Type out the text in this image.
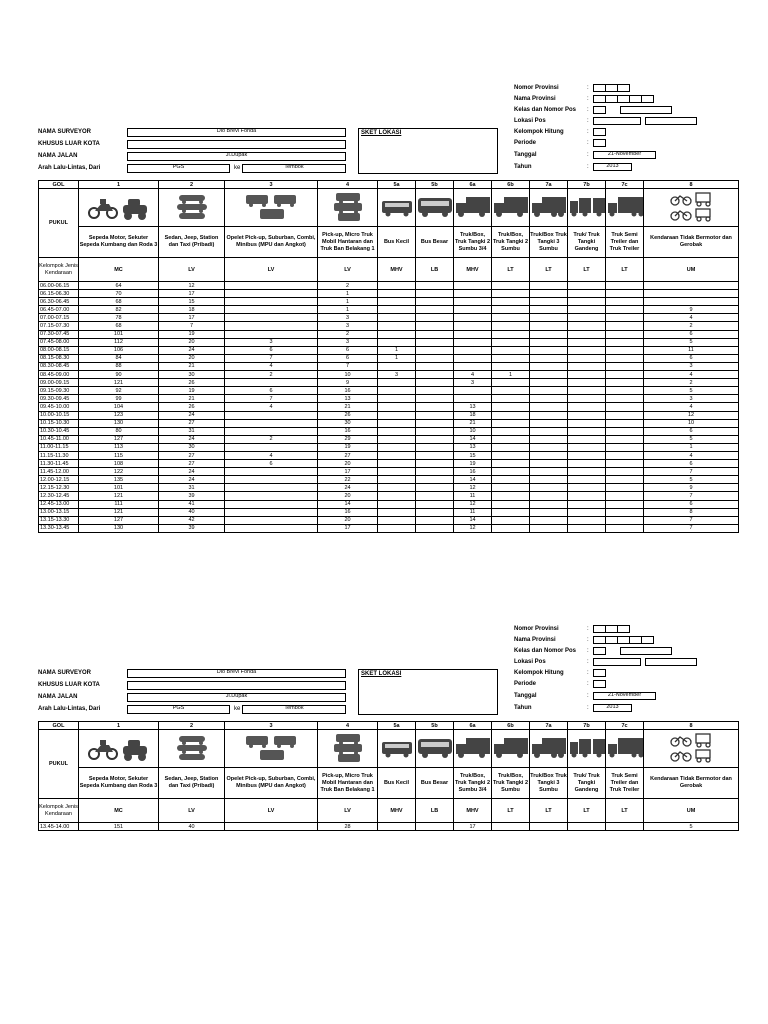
Nomor Provinsi	:
Nama Provinsi	:
Kelas dan Nomor Pos :
Lokasi Pos	:
Kelompok Hitung	:
Periode	:
Tanggal	:	21-November
Tahun	:	2013
NAMA SURVEYOR	Dio Brevi Fonda
KHUSUS LUAR KOTA
NAMA JALAN	Jl.Dupak
Arah Lalu-Lintas, Dari	PGS	ke	Tembok
SKET LOKASI
GOL	1	2	3	4	5a	5b	6a	6b	7a	7b	7c	8
PUKUL												
	Sepeda Motor, Sekuter Sepeda Kumbang dan Roda 3	Sedan, Jeep, Station dan Taxi (Pribadi)	Opelet Pick-up, Suburban, Combi, Minibus (MPU dan Angkot)	Pick-up, Micro Truk Mobil Hantaran dan Truk Ban Belakang 1	Bus Kecil	Bus Besar	Truk/Box, Truk Tangki 2 Sumbu 3/4	Truk/Box, Truk Tangki 2 Sumbu	Truk/Box Truk Tangki 3 Sumbu	Truk/ Truk Tangki Gandeng	Truk Semi Treiler dan Truk Treiler	Kendaraan Tidak Bermotor dan Gerobak
Kelompok Jenis Kendaraan	MC	LV	LV	LV	MHV	LB	MHV	LT	LT	LT	LT	UM
06.00-06.15	64	12		2								
06.15-06.30	70	17		1								
06.30-06.45	68	15		1								
06.45-07.00	82	18		1								9
07.00-07.15	78	17		3								4
07.15-07.30	68	7		3								2
07.30-07.45	101	19		2								6
07.45-08.00	112	20	3	3								5
08.00-08.15	106	24	6	6	1							11
08.15-08.30	84	20	7	6	1							6
08.30-08.45	88	21	4	7								3
08.45-09.00	90	30	2	10	3		4	1				4
09.00-09.15	121	26		9			3					2
09.15-09.30	92	19	6	16								5
09.30-09.45	99	21	7	13								3
09.45-10.00	104	26	4	21			13					4
10.00-10.15	123	24		26			18					12
10.15-10.30	130	27		30			21					10
10.30-10.45	80	31		16			10					6
10.45-11.00	127	24	2	29			14					5
11.00-11.15	113	30		19			13					1
11.15-11.30	115	27	4	27			15					4
11.30-11.45	108	27	6	20			19					6
11.45-12.00	122	24		17			16					7
12.00-12.15	135	24		22			14					5
12.15-12.30	101	31		24			12					9
12.30-12.45	121	39		20			11					7
12.45-13.00	111	41		14			12					6
13.00-13.15	121	40		16			11					8
13.15-13.30	127	42		20			14					7
13.30-13.45	130	39		17			12					7
Nomor Provinsi	:
Nama Provinsi	:
Kelas dan Nomor Pos :
Lokasi Pos	:
Kelompok Hitung	:
Periode	:
Tanggal	:	21-November
Tahun	:	2013
NAMA SURVEYOR	Dio Brevi Fonda
KHUSUS LUAR KOTA
NAMA JALAN	Jl.Dupak
Arah Lalu-Lintas, Dari	PGS	ke	Tembok
SKET LOKASI
GOL	1	2	3	4	5a	5b	6a	6b	7a	7b	7c	8
PUKUL												
	Sepeda Motor, Sekuter Sepeda Kumbang dan Roda 3	Sedan, Jeep, Station dan Taxi (Pribadi)	Opelet Pick-up, Suburban, Combi, Minibus (MPU dan Angkot)	Pick-up, Micro Truk Mobil Hantaran dan Truk Ban Belakang 1	Bus Kecil	Bus Besar	Truk/Box, Truk Tangki 2 Sumbu 3/4	Truk/Box, Truk Tangki 2 Sumbu	Truk/Box Truk Tangki 3 Sumbu	Truk/ Truk Tangki Gandeng	Truk Semi Treiler dan Truk Treiler	Kendaraan Tidak Bermotor dan Gerobak
Kelompok Jenis Kendaraan	MC	LV	LV	LV	MHV	LB	MHV	LT	LT	LT	LT	UM
13.45-14.00	151	40		28			17					5
